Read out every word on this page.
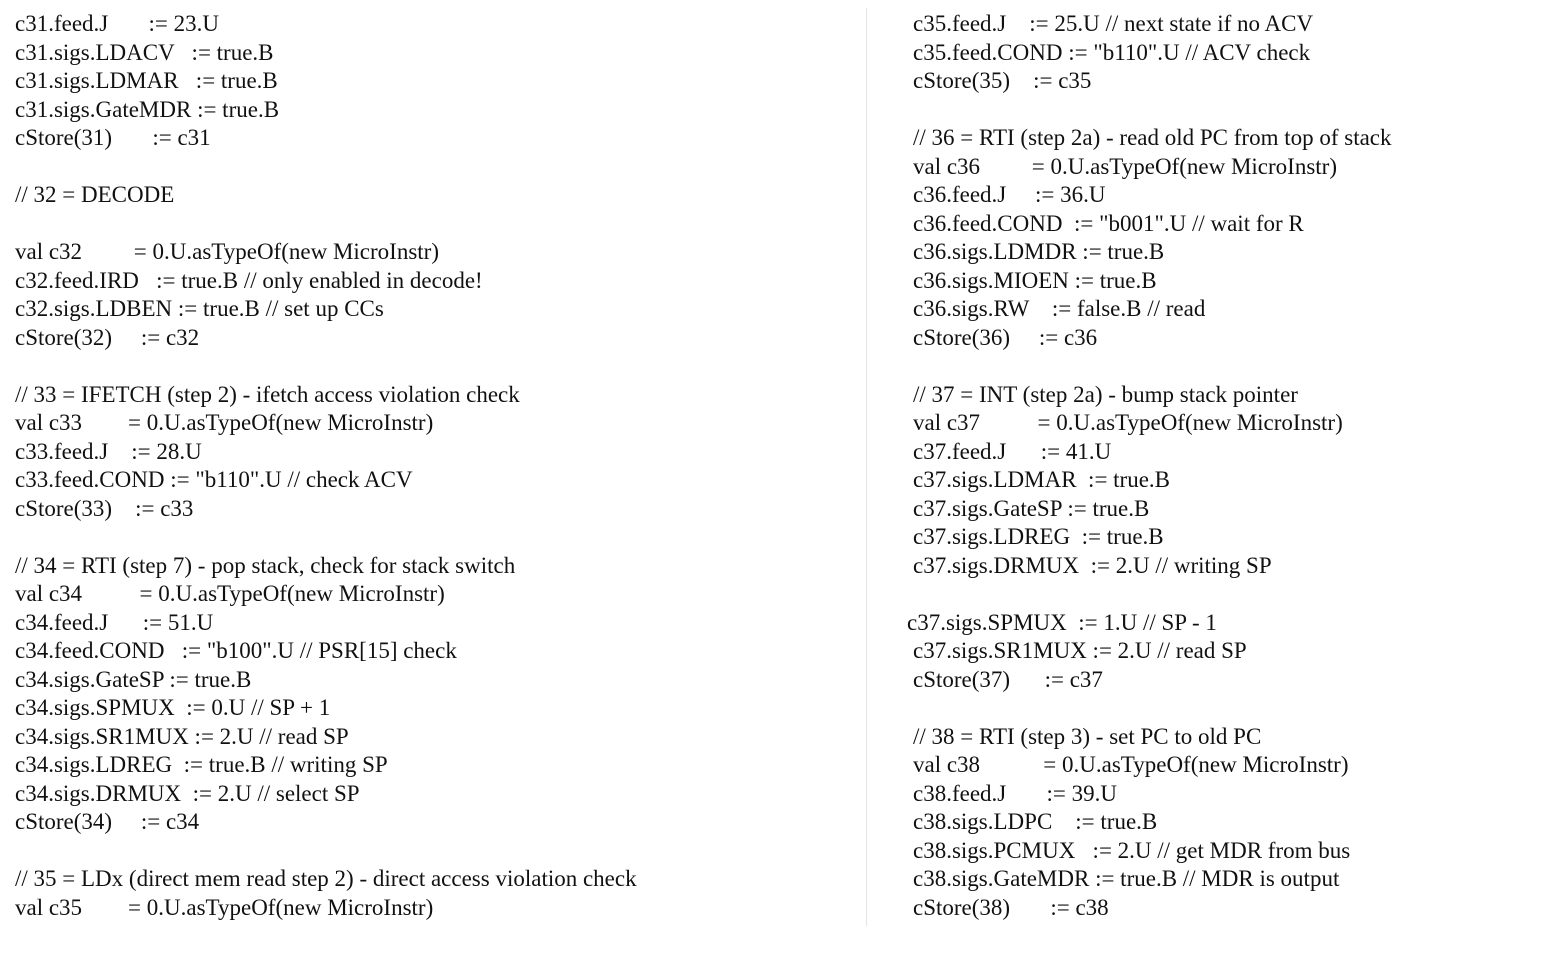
c31.feed.J       := 23.U
c31.sigs.LDACV   := true.B
c31.sigs.LDMAR   := true.B
c31.sigs.GateMDR := true.B
cStore(31)       := c31
// 32 = DECODE
val c32         = 0.U.asTypeOf(new MicroInstr)
c32.feed.IRD   := true.B // only enabled in decode!
c32.sigs.LDBEN := true.B // set up CCs
cStore(32)     := c32
// 33 = IFETCH (step 2) - ifetch access violation check
val c33        = 0.U.asTypeOf(new MicroInstr)
c33.feed.J    := 28.U
c33.feed.COND := "b110".U // check ACV
cStore(33)    := c33
// 34 = RTI (step 7) - pop stack, check for stack switch
val c34          = 0.U.asTypeOf(new MicroInstr)
c34.feed.J      := 51.U
c34.feed.COND   := "b100".U // PSR[15] check
c34.sigs.GateSP := true.B
c34.sigs.SPMUX  := 0.U // SP + 1
c34.sigs.SR1MUX := 2.U // read SP
c34.sigs.LDREG  := true.B // writing SP
c34.sigs.DRMUX  := 2.U // select SP
cStore(34)     := c34
// 35 = LDx (direct mem read step 2) - direct access violation check
val c35        = 0.U.asTypeOf(new MicroInstr)
c35.feed.J    := 25.U // next state if no ACV
c35.feed.COND := "b110".U // ACV check
cStore(35)    := c35
// 36 = RTI (step 2a) - read old PC from top of stack
val c36         = 0.U.asTypeOf(new MicroInstr)
c36.feed.J     := 36.U
c36.feed.COND  := "b001".U // wait for R
c36.sigs.LDMDR := true.B
c36.sigs.MIOEN := true.B
c36.sigs.RW    := false.B // read
cStore(36)     := c36
// 37 = INT (step 2a) - bump stack pointer
val c37          = 0.U.asTypeOf(new MicroInstr)
c37.feed.J      := 41.U
c37.sigs.LDMAR  := true.B
c37.sigs.GateSP := true.B
c37.sigs.LDREG  := true.B
c37.sigs.DRMUX  := 2.U // writing SP
c37.sigs.SPMUX  := 1.U // SP - 1
c37.sigs.SR1MUX := 2.U // read SP
cStore(37)      := c37
// 38 = RTI (step 3) - set PC to old PC
val c38           = 0.U.asTypeOf(new MicroInstr)
c38.feed.J       := 39.U
c38.sigs.LDPC    := true.B
c38.sigs.PCMUX   := 2.U // get MDR from bus
c38.sigs.GateMDR := true.B // MDR is output
cStore(38)       := c38
